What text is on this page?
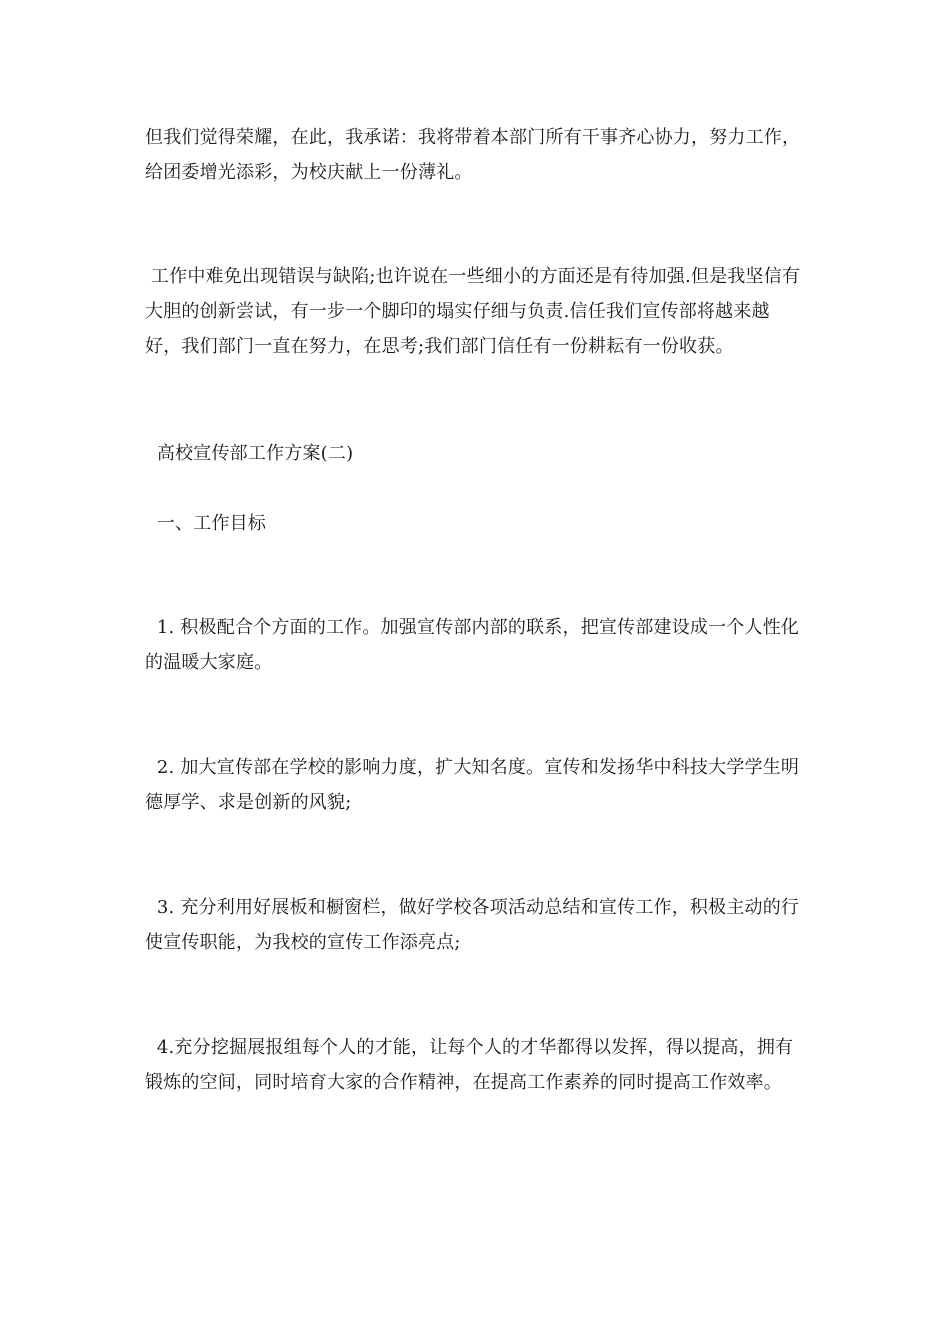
但我们觉得荣耀，在此，我承诺：我将带着本部门所有干事齐心协力，努力工作，给团委增光添彩，为校庆献上一份薄礼。

工作中难免出现错误与缺陷;也许说在一些细小的方面还是有待加强.但是我坚信有大胆的创新尝试，有一步一个脚印的塌实仔细与负责.信任我们宣传部将越来越好，我们部门一直在努力，在思考;我们部门信任有一份耕耘有一份收获。

高校宣传部工作方案(二)

一、工作目标

1. 积极配合个方面的工作。加强宣传部内部的联系，把宣传部建设成一个人性化的温暖大家庭。

2. 加大宣传部在学校的影响力度，扩大知名度。宣传和发扬华中科技大学学生明德厚学、求是创新的风貌;

3. 充分利用好展板和橱窗栏，做好学校各项活动总结和宣传工作，积极主动的行使宣传职能，为我校的宣传工作添亮点;

4.充分挖掘展报组每个人的才能，让每个人的才华都得以发挥，得以提高，拥有锻炼的空间，同时培育大家的合作精神，在提高工作素养的同时提高工作效率。
